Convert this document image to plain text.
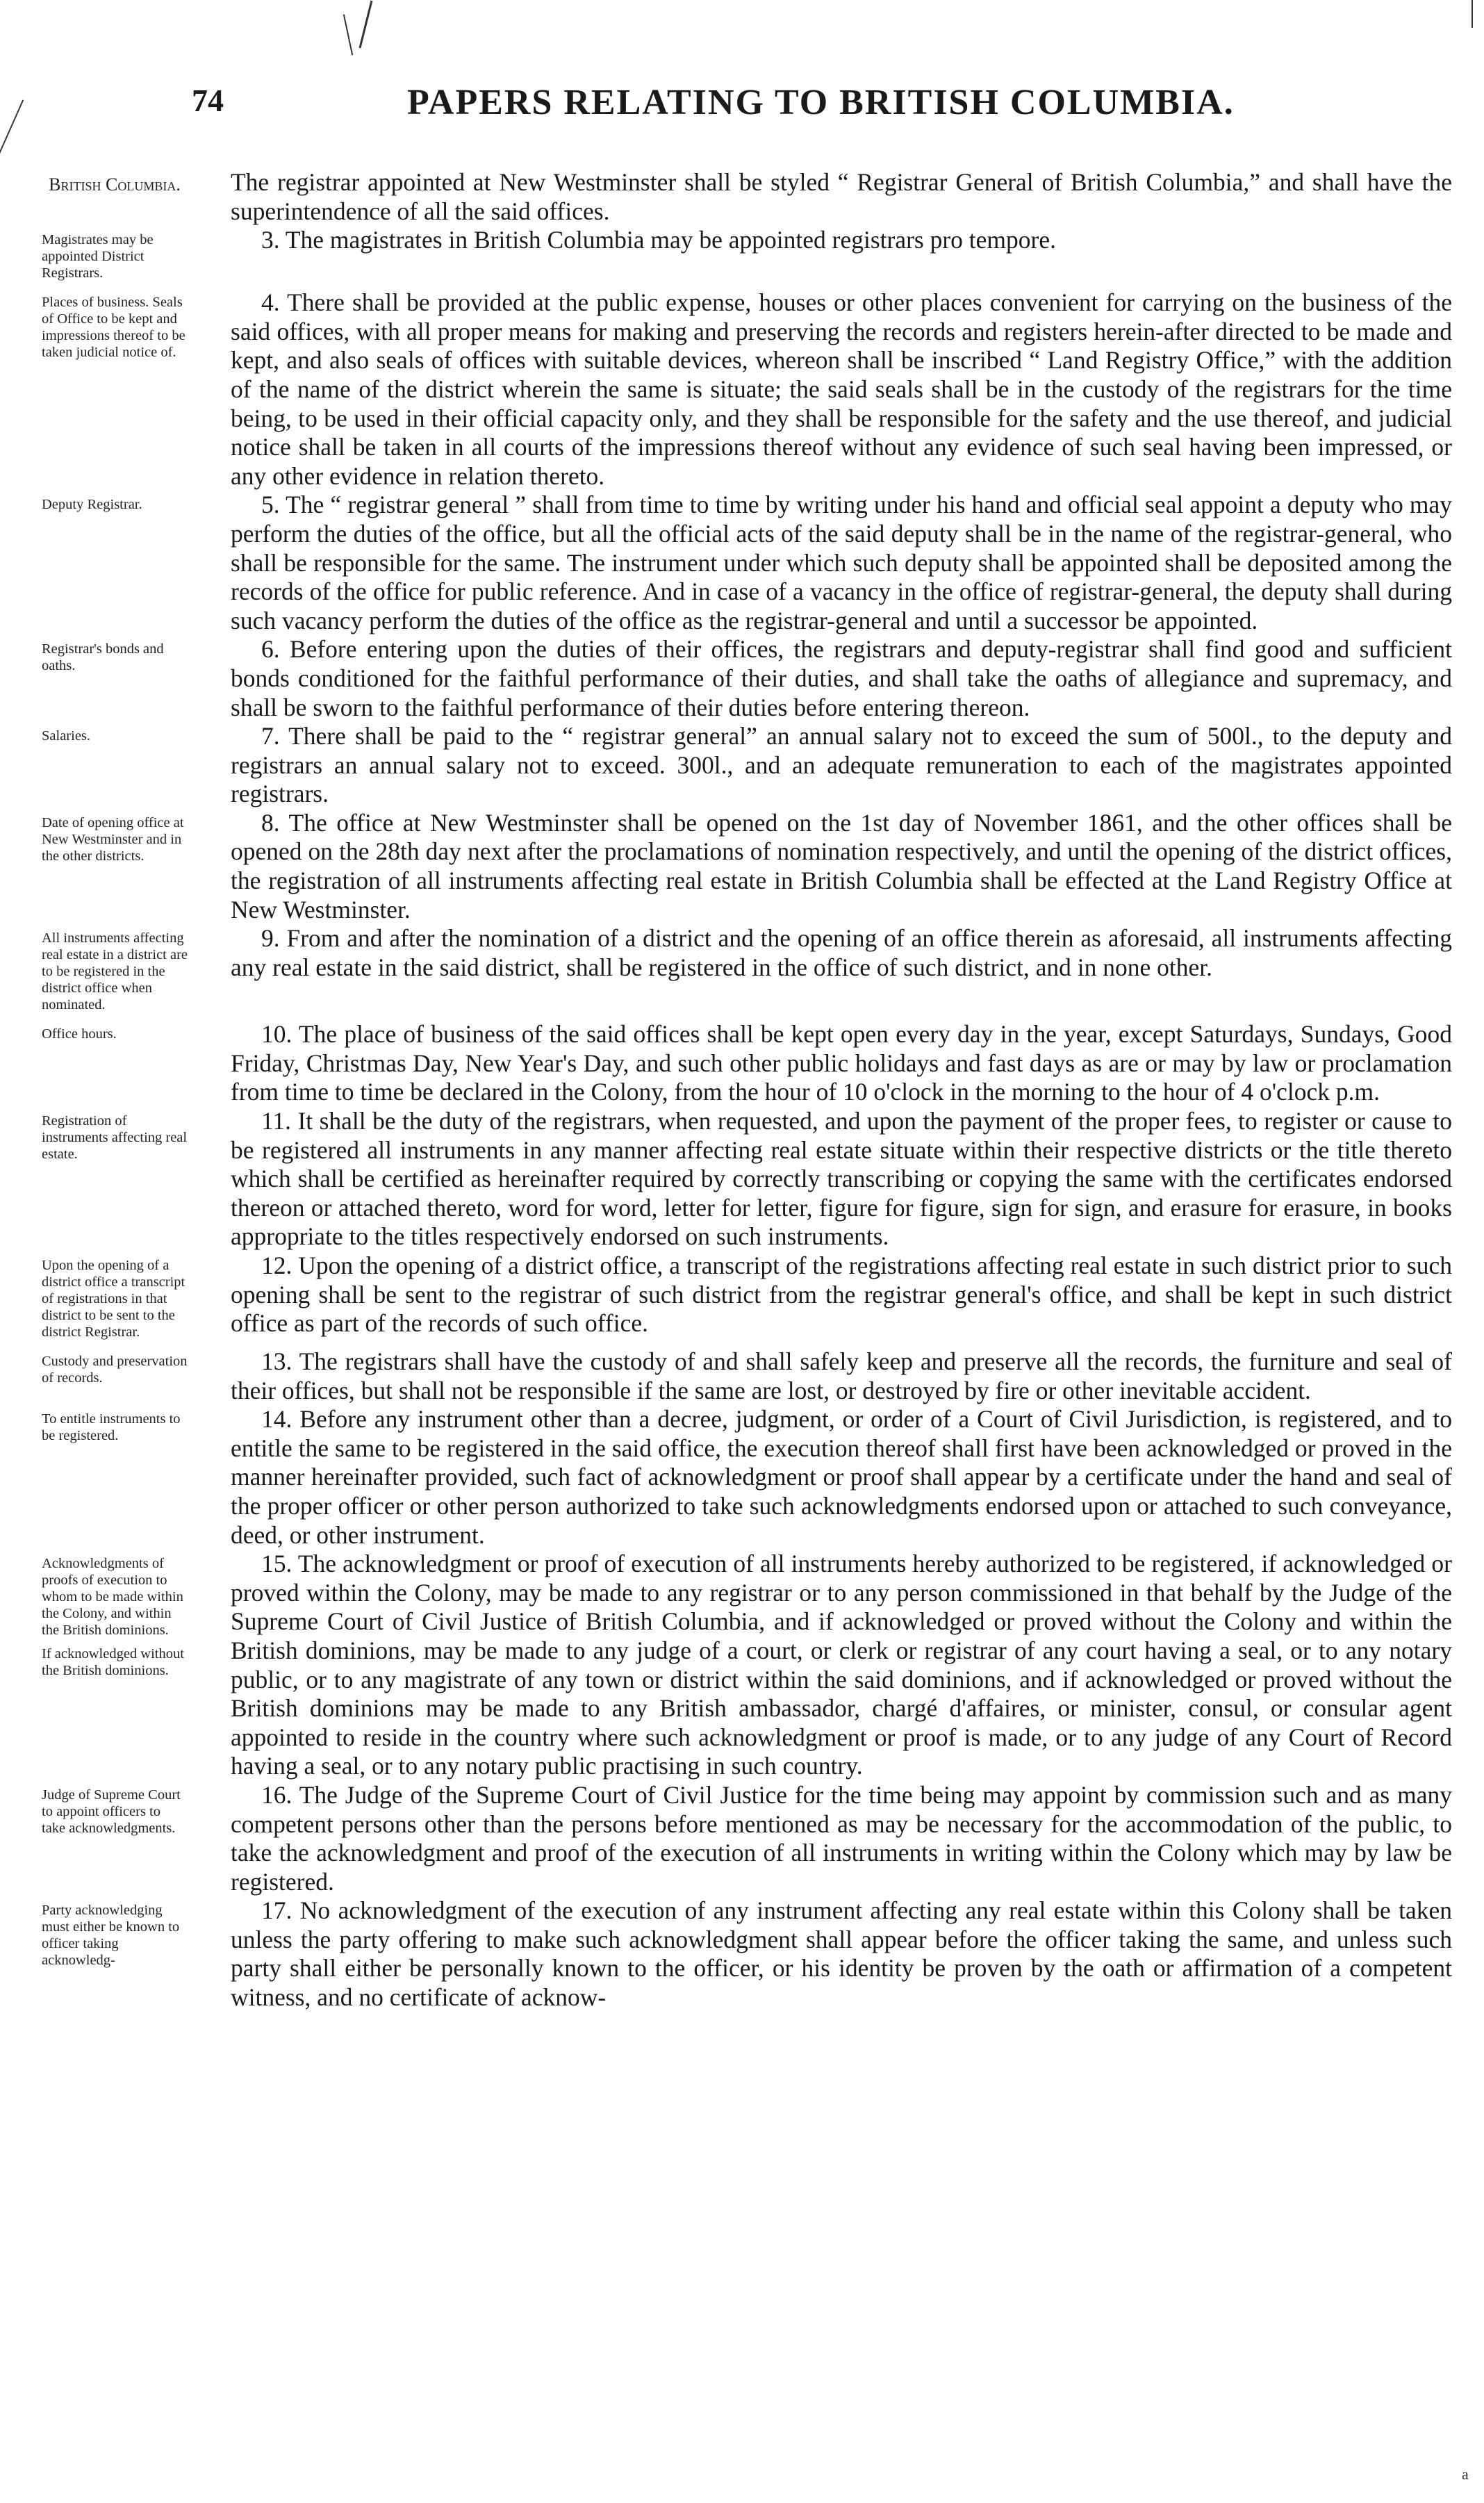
74	PAPERS RELATING TO BRITISH COLUMBIA.
British Columbia. The registrar appointed at New Westminster shall be styled “ Registrar General of British Columbia,” and shall have the superintendence of all the said offices.

Magistrates may be appointed District Registrars.

3. The magistrates in British Columbia may be appointed registrars pro tempore.

Places of business. Seals of Office to be kept and impressions thereof to be taken judicial notice of.

4. There shall be provided at the public expense, houses or other places convenient for carrying on the business of the said offices, with all proper means for making and preserving the records and registers herein-after directed to be made and kept, and also seals of offices with suitable devices, whereon shall be inscribed “ Land Registry Office,” with the addition of the name of the district wherein the same is situate; the said seals shall be in the custody of the registrars for the time being, to be used in their official capacity only, and they shall be responsible for the safety and the use thereof, and judicial notice shall be taken in all courts of the impressions thereof without any evidence of such seal having been impressed, or any other evidence in relation thereto.

Deputy Registrar.	5. The “ registrar general ” shall from time to time by writing under his hand and official seal appoint a deputy who may perform the duties of the office, but all the official acts of the said deputy shall be in the name of the registrar-general, who shall be responsible for the same. The instrument under which such deputy shall be appointed shall be deposited among the records of the office for public reference. And in case of a vacancy in the office of registrar-general, the deputy shall during such vacancy perform the duties of the office as the registrar-general and until a successor be appointed.

Registrar's bonds and oaths.

6. Before entering upon the duties of their offices, the registrars and deputy-registrar shall find good and sufficient bonds conditioned for the faithful performance of their duties, and shall take the oaths of allegiance and supremacy, and shall be sworn to the faithful performance of their duties before entering thereon.

Salaries.	7. There shall be paid to the “ registrar general” an annual salary not to exceed the sum of 500l., to the deputy and registrars an annual salary not to exceed. 300l., and an adequate remuneration to each of the magistrates appointed registrars.

Date of opening office at New Westminster and in the other districts.

8. The office at New Westminster shall be opened on the 1st day of November 1861, and the other offices shall be opened on the 28th day next after the proclamations of nomination respectively, and until the opening of the district offices, the registration of all instruments affecting real estate in British Columbia shall be effected at the Land Registry Office at New Westminster.

All instruments affecting real estate in a district are to be registered in the district office when nominated.

9. From and after the nomination of a district and the opening of an office therein as aforesaid, all instruments affecting any real estate in the said district, shall be registered in the office of such district, and in none other.

Office hours.	10. The place of business of the said offices shall be kept open every day in the year, except Saturdays, Sundays, Good Friday, Christmas Day, New Year's Day, and such other public holidays and fast days as are or may by law or proclamation from time to time be declared in the Colony, from the hour of 10 o'clock in the morning to the hour of 4 o'clock p.m.

Registration of instruments affecting real estate.

11. It shall be the duty of the registrars, when requested, and upon the payment of the proper fees, to register or cause to be registered all instruments in any manner affecting real estate situate within their respective districts or the title thereto which shall be certified as hereinafter required by correctly transcribing or copying the same with the certificates endorsed thereon or attached thereto, word for word, letter for letter, figure for figure, sign for sign, and erasure for erasure, in books appropriate to the titles respectively endorsed on such instruments.

Upon the opening of a district office a transcript of registrations in that district to be sent to the district Registrar.

12. Upon the opening of a district office, a transcript of the registrations affecting real estate in such district prior to such opening shall be sent to the registrar of such district from the registrar general's office, and shall be kept in such district office as part of the records of such office.

Custody and preservation of records.

13. The registrars shall have the custody of and shall safely keep and preserve all the records, the furniture and seal of their offices, but shall not be responsible if the same are lost, or destroyed by fire or other inevitable accident.

To entitle instruments to be registered.

14. Before any instrument other than a decree, judgment, or order of a Court of Civil Jurisdiction, is registered, and to entitle the same to be registered in the said office, the execution thereof shall first have been acknowledged or proved in the manner hereinafter provided, such fact of acknowledgment or proof shall appear by a certificate under the hand and seal of the proper officer or other person authorized to take such acknowledgments endorsed upon or attached to such conveyance, deed, or other instrument.

Acknowledgments of proofs of execution to whom to be made within the Colony, and within the British dominions.
If acknowledged without the British dominions.

15. The acknowledgment or proof of execution of all instruments hereby authorized to be registered, if acknowledged or proved within the Colony, may be made to any registrar or to any person commissioned in that behalf by the Judge of the Supreme Court of Civil Justice of British Columbia, and if acknowledged or proved without the Colony and within the British dominions, may be made to any judge of a court, or clerk or registrar of any court having a seal, or to any notary public, or to any magistrate of any town or district within the said dominions, and if acknowledged or proved without the British dominions may be made to any British ambassador, chargé d'affaires, or minister, consul, or consular agent appointed to reside in the country where such acknowledgment or proof is made, or to any judge of any Court of Record having a seal, or to any notary public practising in such country.

Judge of Supreme Court to appoint officers to take acknowledgments.

16. The Judge of the Supreme Court of Civil Justice for the time being may appoint by commission such and as many competent persons other than the persons before mentioned as may be necessary for the accommodation of the public, to take the acknowledgment and proof of the execution of all instruments in writing within the Colony which may by law be registered.

Party acknowledging must either be known to officer taking acknowledg-

17. No acknowledgment of the execution of any instrument affecting any real estate within this Colony shall be taken unless the party offering to make such acknowledgment shall appear before the officer taking the same, and unless such party shall either be personally known to the officer, or his identity be proven by the oath or affirmation of a competent witness, and no certificate of acknow-

a
